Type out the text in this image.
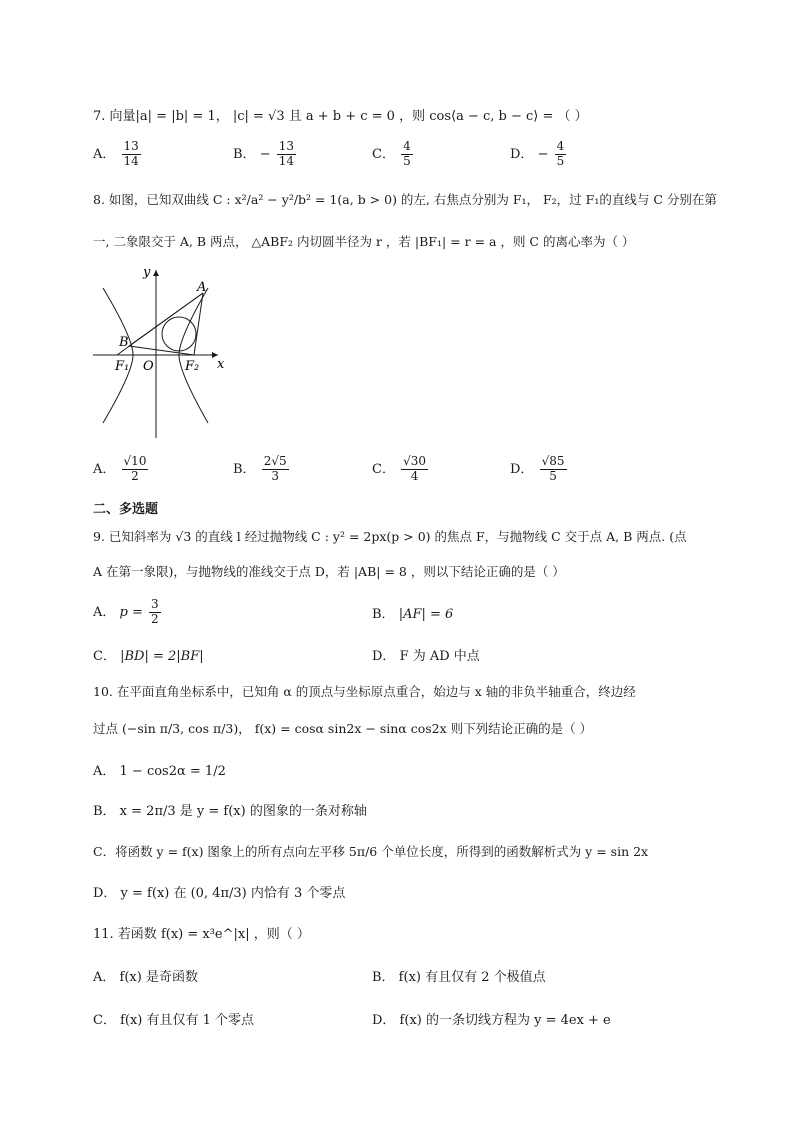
7. 向量|a| = |b| = 1， |c| = √3 且 a + b + c = 0 ，则 cos⟨a − c, b − c⟩ = （ ）
A． $\frac{13}{14}$	B． − $\frac{13}{14}$	C． $\frac{4}{5}$	D． − $\frac{4}{5}$
8. 如图，已知双曲线 C : x²/a² − y²/b² = 1(a, b > 0) 的左, 右焦点分别为 F₁， F₂，过 F₁的直线与 C 分别在第
一, 二象限交于 A, B 两点， △ABF₂ 内切圆半径为 r ，若 |BF₁| = r = a ，则 C 的离心率为（ ）
y
A
B
F₁ O F₂ x
A． $\frac{√10}{2}$	B． $\frac{2√5}{3}$	C． $\frac{√30}{4}$	D． $\frac{√85}{5}$
二、多选题
9. 已知斜率为 √3 的直线 l 经过抛物线 C : y² = 2px(p > 0) 的焦点 F，与抛物线 C 交于点 A, B 两点. (点
A 在第一象限)，与抛物线的准线交于点 D，若 |AB| = 8 ，则以下结论正确的是（ ）
A． $p = \frac{3}{2}$	B． |AF| = 6
C． |BD| = 2|BF|	D． F 为 AD 中点
10. 在平面直角坐标系中，已知角 α 的顶点与坐标原点重合，始边与 x 轴的非负半轴重合，终边经
过点 (−sin π/3, cos π/3)， f(x) = cosα sin2x − sinα cos2x 则下列结论正确的是（ ）
A． 1 − cos2α = 1/2
B． x = 2π/3 是 y = f(x) 的图象的一条对称轴
C．将函数 y = f(x) 图象上的所有点向左平移 5π/6 个单位长度，所得到的函数解析式为 y = sin 2x
D． y = f(x) 在 (0, 4π/3) 内恰有 3 个零点
11. 若函数 f(x) = x³e^|x| ，则（ ）
A． f(x) 是奇函数	B． f(x) 有且仅有 2 个极值点
C． f(x) 有且仅有 1 个零点	D． f(x) 的一条切线方程为 y = 4ex + e
